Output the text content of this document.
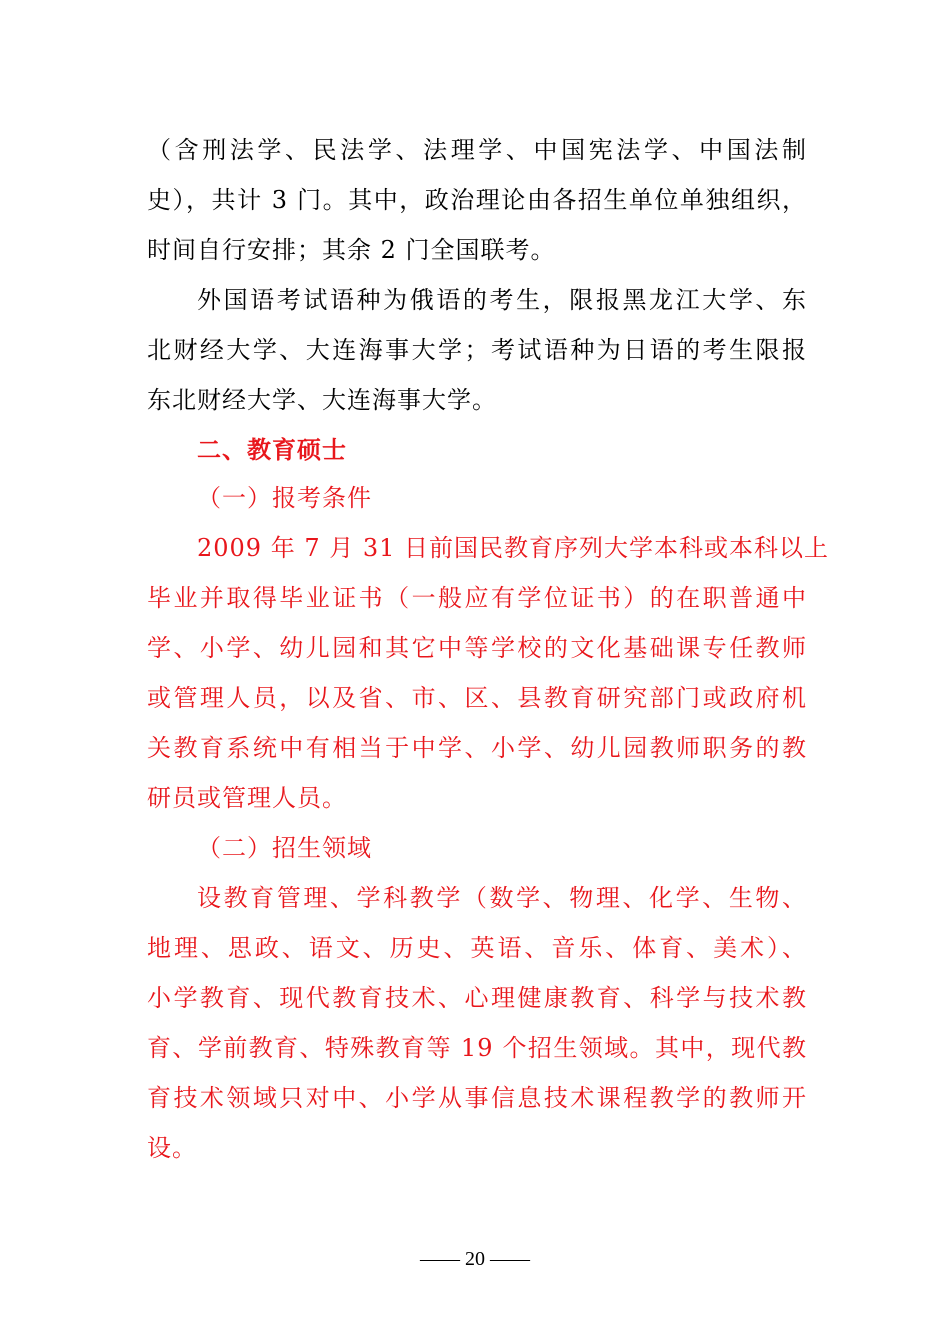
（含刑法学、民法学、法理学、中国宪法学、中国法制
史），共计 3 门。其中，政治理论由各招生单位单独组织，
时间自行安排；其余 2 门全国联考。
外国语考试语种为俄语的考生，限报黑龙江大学、东
北财经大学、大连海事大学；考试语种为日语的考生限报
东北财经大学、大连海事大学。
二、教育硕士
（一）报考条件
2009 年 7 月 31 日前国民教育序列大学本科或本科以上
毕业并取得毕业证书（一般应有学位证书）的在职普通中
学、小学、幼儿园和其它中等学校的文化基础课专任教师
或管理人员，以及省、市、区、县教育研究部门或政府机
关教育系统中有相当于中学、小学、幼儿园教师职务的教
研员或管理人员。
（二）招生领域
设教育管理、学科教学（数学、物理、化学、生物、
地理、思政、语文、历史、英语、音乐、体育、美术）、
小学教育、现代教育技术、心理健康教育、科学与技术教
育、学前教育、特殊教育等 19 个招生领域。其中，现代教
育技术领域只对中、小学从事信息技术课程教学的教师开
设。
—— 20 ——
